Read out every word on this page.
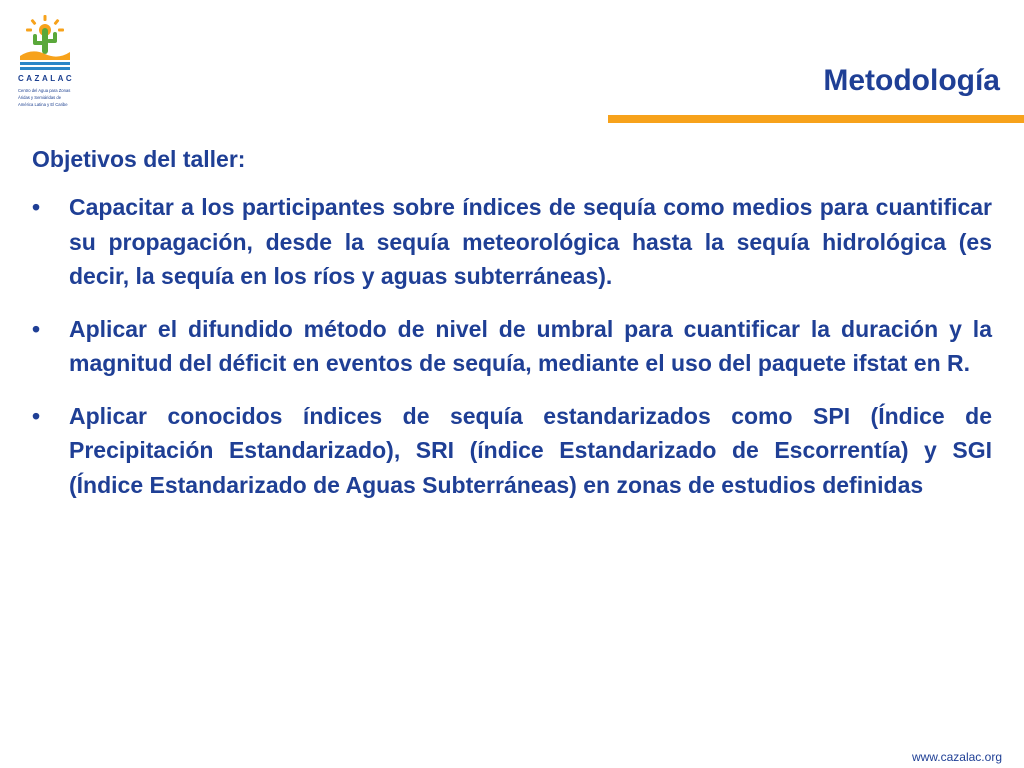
CAZALAC
Centro del Agua para Zonas
Áridas y Semiáridas de
América Latina y El Caribe
Metodología
Objetivos del taller:
• Capacitar a los participantes sobre índices de sequía como medios para cuantificar su propagación, desde la sequía meteorológica hasta la sequía hidrológica (es decir, la sequía en los ríos y aguas subterráneas).
• Aplicar el difundido método de nivel de umbral para cuantificar la duración y la magnitud del déficit en eventos de sequía, mediante el uso del paquete ifstat en R.
• Aplicar conocidos índices de sequía estandarizados como SPI (Índice de Precipitación Estandarizado), SRI (índice Estandarizado de Escorrentía) y SGI (Índice Estandarizado de Aguas Subterráneas) en zonas de estudios definidas
www.cazalac.org
